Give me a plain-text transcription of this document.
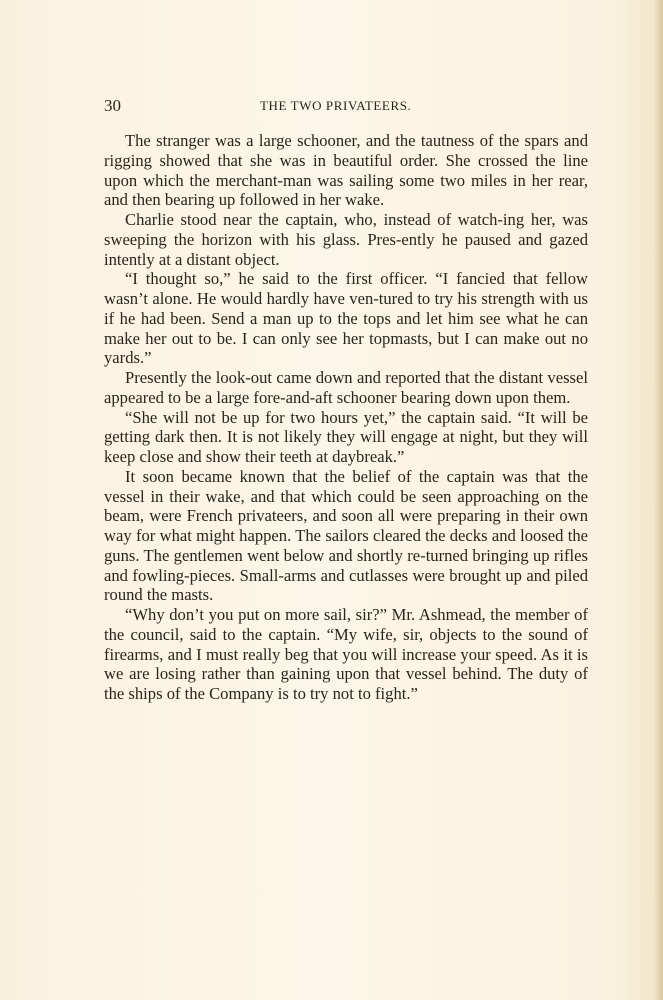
30	THE TWO PRIVATEERS.

The stranger was a large schooner, and the tautness of the spars and rigging showed that she was in beautiful order. She crossed the line upon which the merchant-man was sailing some two miles in her rear, and then bearing up followed in her wake.

Charlie stood near the captain, who, instead of watch-ing her, was sweeping the horizon with his glass. Pres-ently he paused and gazed intently at a distant object.

“I thought so,” he said to the first officer. “I fancied that fellow wasn’t alone. He would hardly have ven-tured to try his strength with us if he had been. Send a man up to the tops and let him see what he can make her out to be. I can only see her topmasts, but I can make out no yards.”

Presently the look-out came down and reported that the distant vessel appeared to be a large fore-and-aft schooner bearing down upon them.

“She will not be up for two hours yet,” the captain said. “It will be getting dark then. It is not likely they will engage at night, but they will keep close and show their teeth at daybreak.”

It soon became known that the belief of the captain was that the vessel in their wake, and that which could be seen approaching on the beam, were French privateers, and soon all were preparing in their own way for what might happen. The sailors cleared the decks and loosed the guns. The gentlemen went below and shortly re-turned bringing up rifles and fowling-pieces. Small-arms and cutlasses were brought up and piled round the masts.

“Why don’t you put on more sail, sir?” Mr. Ashmead, the member of the council, said to the captain. “My wife, sir, objects to the sound of firearms, and I must really beg that you will increase your speed. As it is we are losing rather than gaining upon that vessel behind. The duty of the ships of the Company is to try not to fight.”
